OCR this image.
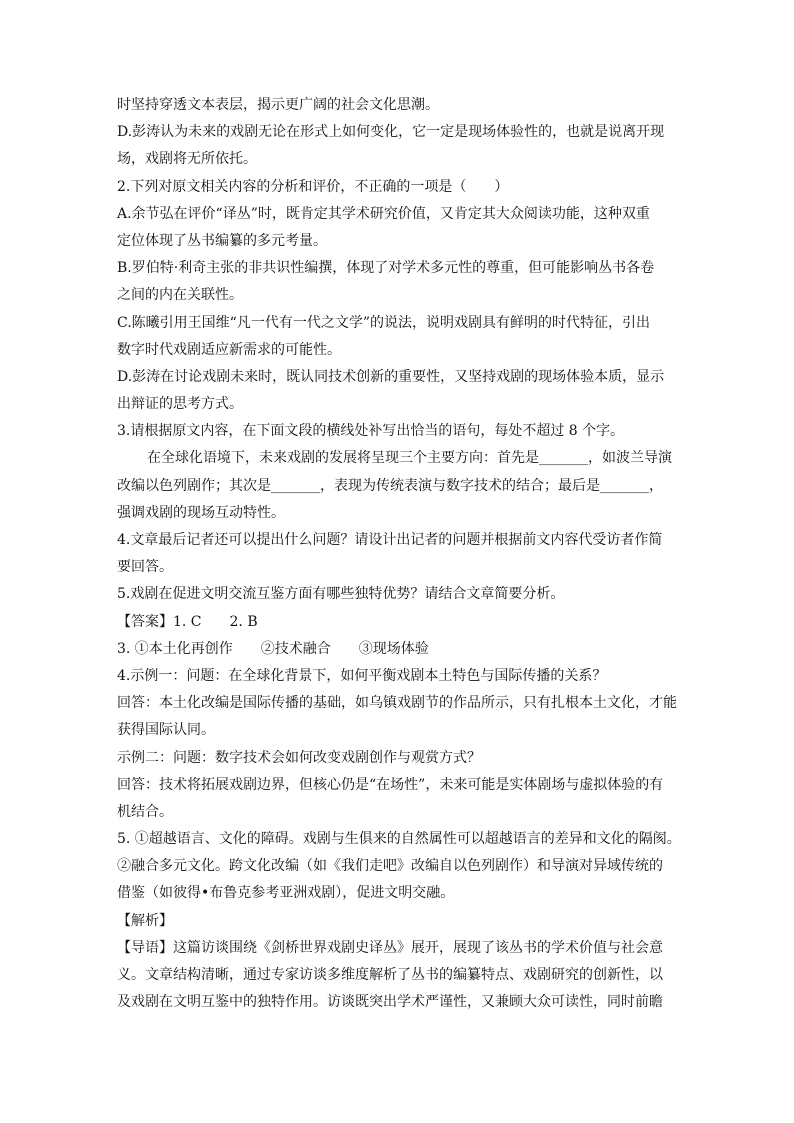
时坚持穿透文本表层，揭示更广阔的社会文化思潮。
D.彭涛认为未来的戏剧无论在形式上如何变化，它一定是现场体验性的，也就是说离开现
场，戏剧将无所依托。
2.下列对原文相关内容的分析和评价，不正确的一项是（　　）
A.余节弘在评价“译丛”时，既肯定其学术研究价值，又肯定其大众阅读功能，这种双重
定位体现了丛书编纂的多元考量。
B.罗伯特·利奇主张的非共识性编撰，体现了对学术多元性的尊重，但可能影响丛书各卷
之间的内在关联性。
C.陈曦引用王国维“凡一代有一代之文学”的说法，说明戏剧具有鲜明的时代特征，引出
数字时代戏剧适应新需求的可能性。
D.彭涛在讨论戏剧未来时，既认同技术创新的重要性，又坚持戏剧的现场体验本质，显示
出辩证的思考方式。
3.请根据原文内容，在下面文段的横线处补写出恰当的语句，每处不超过 8 个字。
在全球化语境下，未来戏剧的发展将呈现三个主要方向：首先是_______，如波兰导演
改编以色列剧作；其次是_______，表现为传统表演与数字技术的结合；最后是_______，
强调戏剧的现场互动特性。
4.文章最后记者还可以提出什么问题？请设计出记者的问题并根据前文内容代受访者作简
要回答。
5.戏剧在促进文明交流互鉴方面有哪些独特优势？请结合文章简要分析。
【答案】1. C　　2. B
3. ①本土化再创作　　②技术融合　　③现场体验
4.示例一：问题：在全球化背景下，如何平衡戏剧本土特色与国际传播的关系？
回答：本土化改编是国际传播的基础，如乌镇戏剧节的作品所示，只有扎根本土文化，才能
获得国际认同。
示例二：问题：数字技术会如何改变戏剧创作与观赏方式？
回答：技术将拓展戏剧边界，但核心仍是“在场性”，未来可能是实体剧场与虚拟体验的有
机结合。
5. ①超越语言、文化的障碍。戏剧与生俱来的自然属性可以超越语言的差异和文化的隔阂。
②融合多元文化。跨文化改编（如《我们走吧》改编自以色列剧作）和导演对异域传统的
借鉴（如彼得•布鲁克参考亚洲戏剧），促进文明交融。
【解析】
【导语】这篇访谈围绕《剑桥世界戏剧史译丛》展开，展现了该丛书的学术价值与社会意
义。文章结构清晰，通过专家访谈多维度解析了丛书的编纂特点、戏剧研究的创新性，以
及戏剧在文明互鉴中的独特作用。访谈既突出学术严谨性，又兼顾大众可读性，同时前瞻
